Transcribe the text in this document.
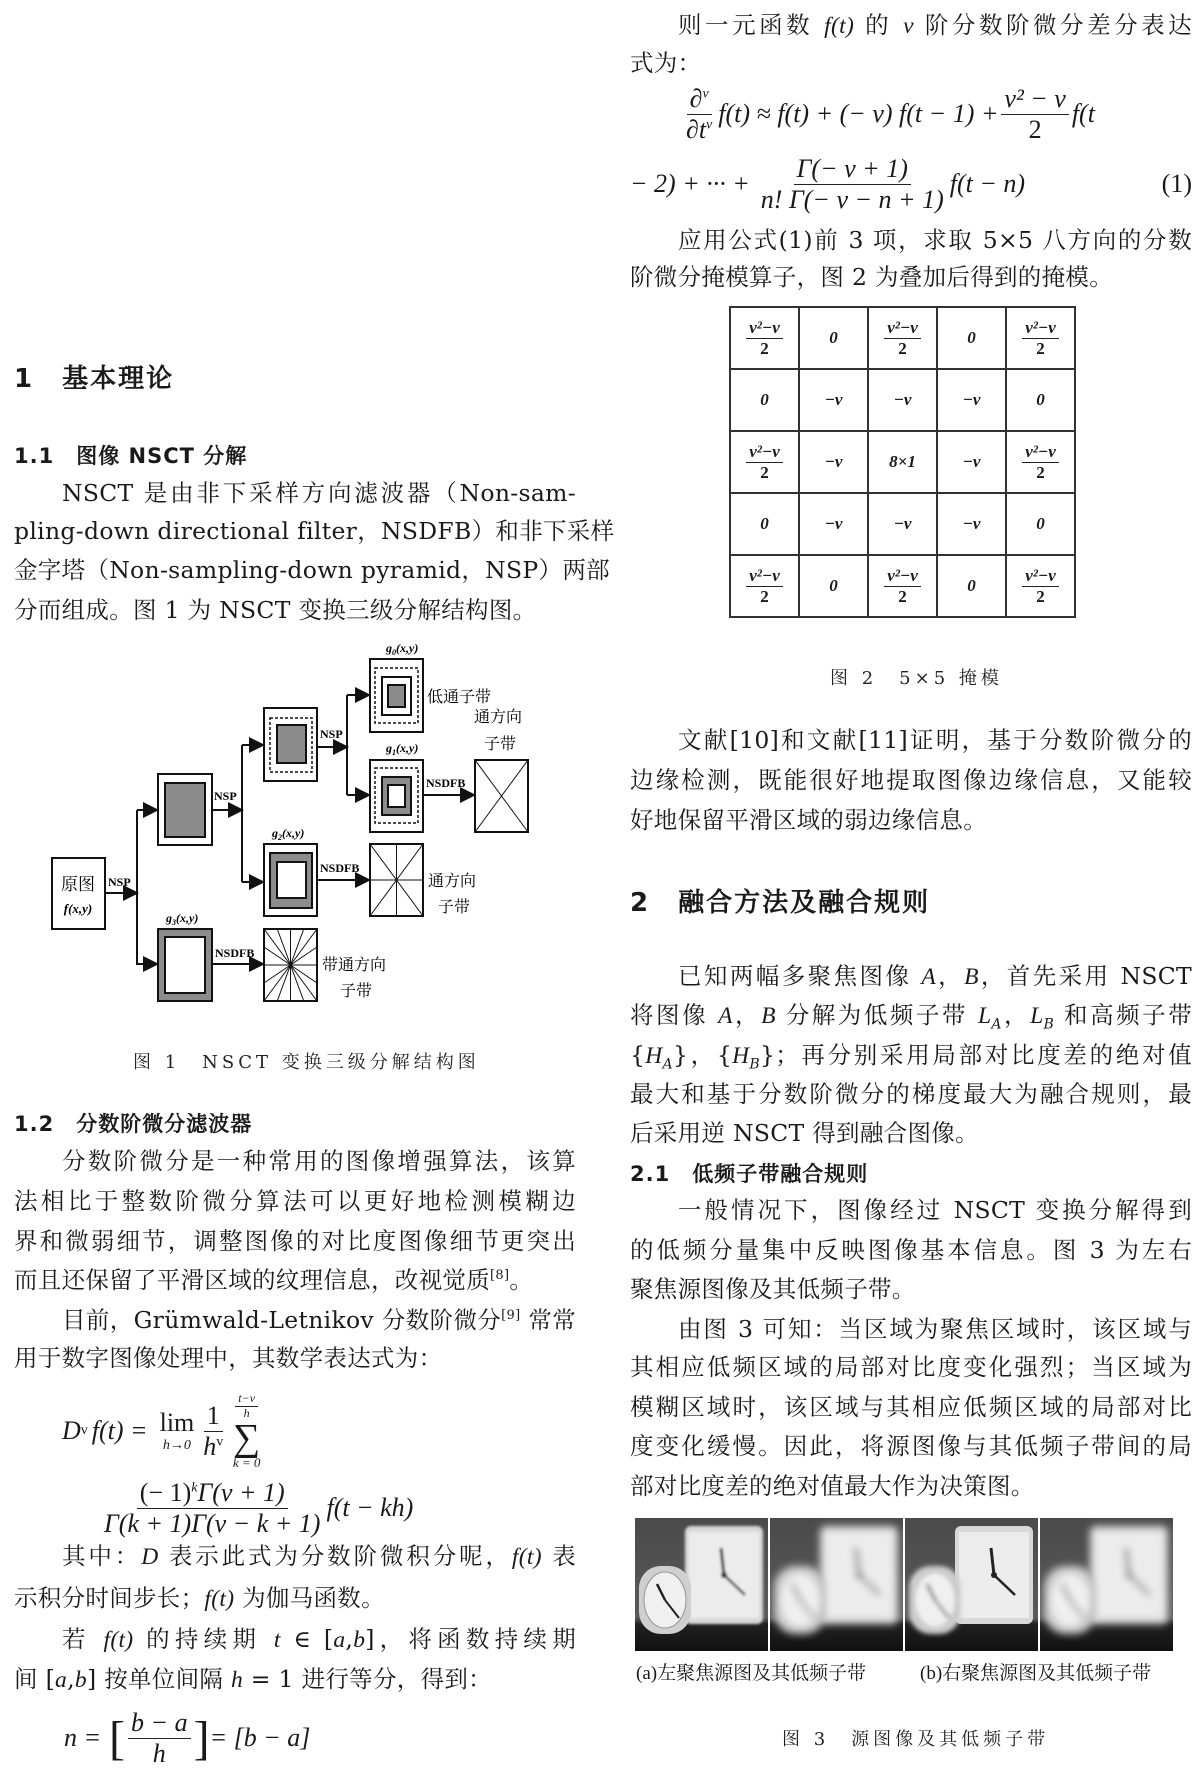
1　基本理论
1.1　图像 NSCT 分解
图 1　NSCT 变换三级分解结构图
1.2　分数阶微分滤波器
图 2　5×5 掩模
2　融合方法及融合规则
2.1　低频子带融合规则
图 3　源图像及其低频子带
D v f(t) = lim
$h\to 0 \frac{1}{h^v} \frac{t-v}{h}$
∑
k = 0
$\frac{(- 1)^k\Gamma(v + 1)}{\Gamma(k + 1)\Gamma(v - k + 1)} f(t - kh)$
n = [ $\frac{b - a}{h}$ ] = [b − a]
$\frac{\partial^v}{\partial t^v} f(t) \approx f(t)$ + (− v) $f(t - 1) + \frac{\text{v² − v}}{2} f(t$
− 2) + ··· + $\frac{\Gamma(- v + 1)}{n! \Gamma(- v - n + 1)} f(t - n)$	(1)
$\frac{\text{v²−v}}{2}$	0	$\frac{\text{v²−v}}{2}$	0	$\frac{\text{v²−v}}{2}$

0	−v	−v	−v	0

$\frac{\text{v²−v}}{2}$	−v	8×1	−v	$\frac{\text{v²−v}}{2}$

0	−v	−v	−v	0

$\frac{\text{v²−v}}{2}$	0	$\frac{\text{v²−v}}{2}$	0	$\frac{\text{v²−v}}{2}$
原图
f(x,y)
NSP
NSP
NSP
$g_0(x,y)$
低通子带
$g_1(x,y)$
NSDFB
通方向
子带
$g_2(x,y)$
NSDFB
通方向
子带
$g_3(x,y)$
NSDFB
带通方向
子带
(a)左聚焦源图及其低频子带	(b)右聚焦源图及其低频子带
NSCT 是由非下采样方向滤波器（Non-sam-
pling-down directional filter，NSDFB）和非下采样
金字塔（Non-sampling-down pyramid，NSP）两部
分而组成。图 1 为 NSCT 变换三级分解结构图。
分数阶微分是一种常用的图像增强算法，该算
法相比于整数阶微分算法可以更好地检测模糊边
界和微弱细节，调整图像的对比度图像细节更突出
而且还保留了平滑区域的纹理信息，改视觉质[8]。
目前，Grümwald-Letnikov 分数阶微分[9] 常常
用于数字图像处理中，其数学表达式为：
其中：D 表示此式为分数阶微积分呢，f(t) 表
示积分时间步长；f(t) 为伽马函数。
若 f(t) 的持续期 t ∈ [a,b]，将函数持续期
间 [a,b] 按单位间隔 h = 1 进行等分，得到：
则一元函数 f(t) 的 v 阶分数阶微分差分表达
式为：
应用公式(1)前 3 项，求取 5×5 八方向的分数
阶微分掩模算子，图 2 为叠加后得到的掩模。
文献[10]和文献[11]证明，基于分数阶微分的
边缘检测，既能很好地提取图像边缘信息，又能较
好地保留平滑区域的弱边缘信息。
已知两幅多聚焦图像 A，B，首先采用 NSCT
将图像 A，B 分解为低频子带 $L_A$，$L_B$ 和高频子带
$\{H_A\}$，$\{H_B\}$；再分别采用局部对比度差的绝对值
最大和基于分数阶微分的梯度最大为融合规则，最
后采用逆 NSCT 得到融合图像。
一般情况下，图像经过 NSCT 变换分解得到
的低频分量集中反映图像基本信息。图 3 为左右
聚焦源图像及其低频子带。
由图 3 可知：当区域为聚焦区域时，该区域与
其相应低频区域的局部对比度变化强烈；当区域为
模糊区域时，该区域与其相应低频区域的局部对比
度变化缓慢。因此，将源图像与其低频子带间的局
部对比度差的绝对值最大作为决策图。
